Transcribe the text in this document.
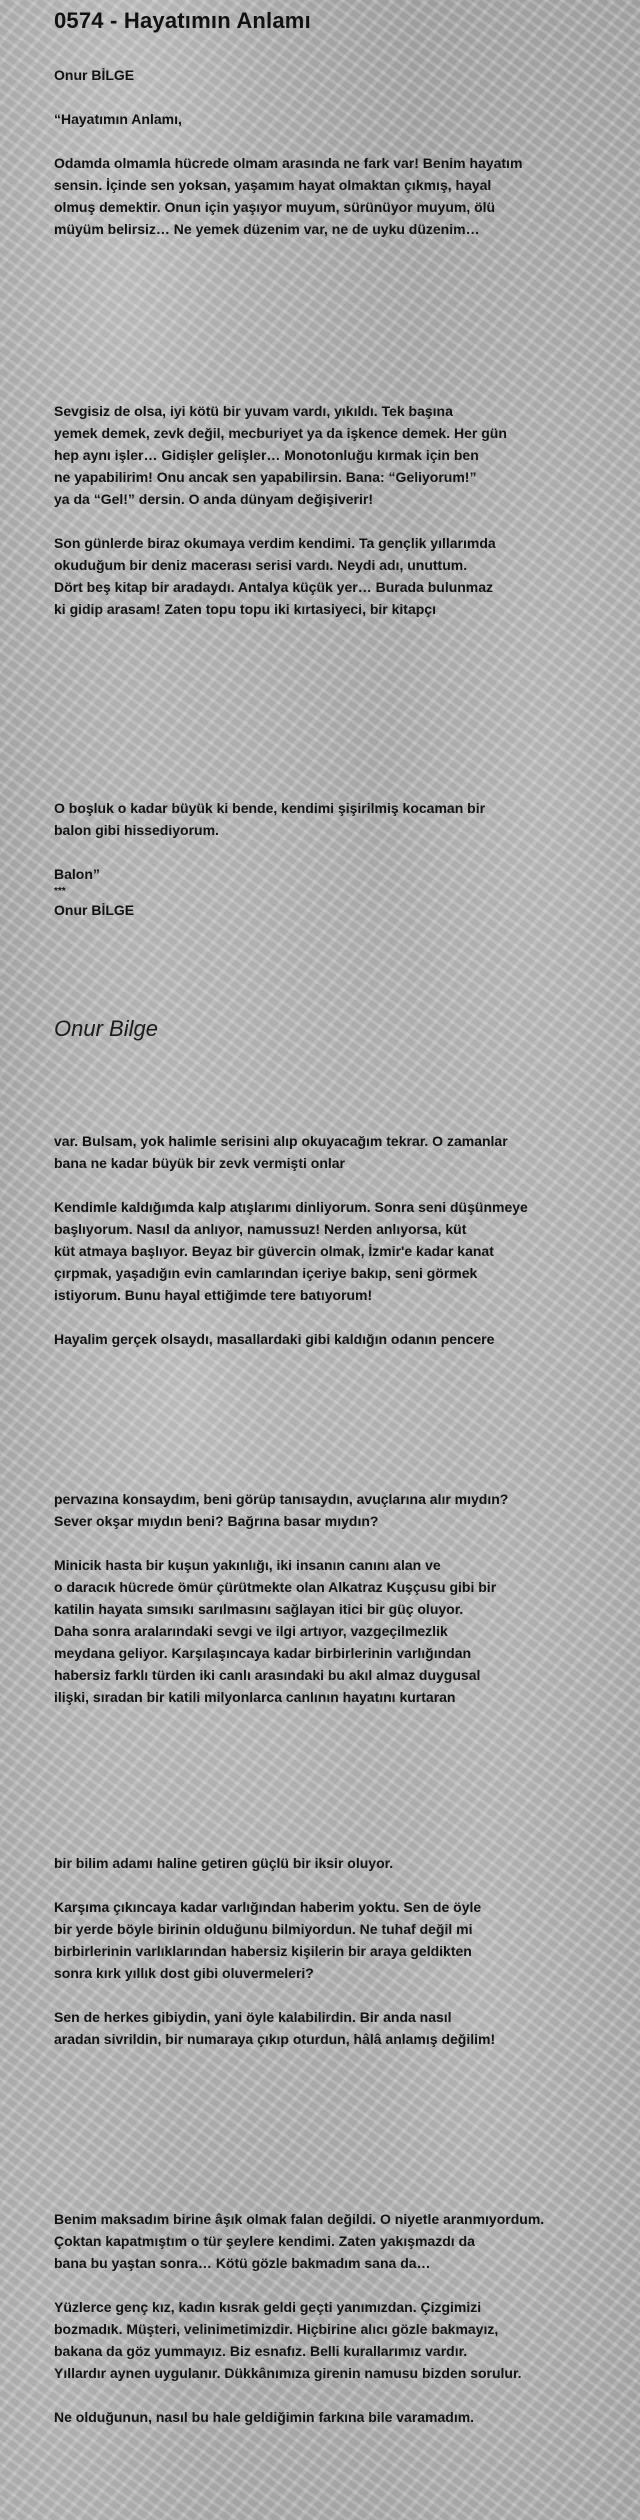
0574 - Hayatımın Anlamı
Onur BİLGE
“Hayatımın Anlamı,
Odamda olmamla hücrede olmam arasında ne fark var! Benim hayatım
sensin. İçinde sen yoksan, yaşamım hayat olmaktan çıkmış, hayal
olmuş demektir. Onun için yaşıyor muyum, sürünüyor muyum, ölü
müyüm belirsiz… Ne yemek düzenim var, ne de uyku düzenim…
Sevgisiz de olsa, iyi kötü bir yuvam vardı, yıkıldı. Tek başına
yemek demek, zevk değil, mecburiyet ya da işkence demek. Her gün
hep aynı işler… Gidişler gelişler… Monotonluğu kırmak için ben
ne yapabilirim! Onu ancak sen yapabilirsin. Bana: “Geliyorum!”
ya da “Gel!” dersin. O anda dünyam değişiverir!
Son günlerde biraz okumaya verdim kendimi. Ta gençlik yıllarımda
okuduğum bir deniz macerası serisi vardı. Neydi adı, unuttum.
Dört beş kitap bir aradaydı. Antalya küçük yer… Burada bulunmaz
ki gidip arasam! Zaten topu topu iki kırtasiyeci, bir kitapçı
O boşluk o kadar büyük ki bende, kendimi şişirilmiş kocaman bir
balon gibi hissediyorum.
Balon”
***
Onur BİLGE
Onur Bilge
var. Bulsam, yok halimle serisini alıp okuyacağım tekrar. O zamanlar
bana ne kadar büyük bir zevk vermişti onlar
Kendimle kaldığımda kalp atışlarımı dinliyorum. Sonra seni düşünmeye
başlıyorum. Nasıl da anlıyor, namussuz! Nerden anlıyorsa, küt
küt atmaya başlıyor. Beyaz bir güvercin olmak, İzmir'e kadar kanat
çırpmak, yaşadığın evin camlarından içeriye bakıp, seni görmek
istiyorum. Bunu hayal ettiğimde tere batıyorum!
Hayalim gerçek olsaydı, masallardaki gibi kaldığın odanın pencere
pervazına konsaydım, beni görüp tanısaydın, avuçlarına alır mıydın?
Sever okşar mıydın beni? Bağrına basar mıydın?
Minicik hasta bir kuşun yakınlığı, iki insanın canını alan ve
o daracık hücrede ömür çürütmekte olan Alkatraz Kuşçusu gibi bir
katilin hayata sımsıkı sarılmasını sağlayan itici bir güç oluyor.
Daha sonra aralarındaki sevgi ve ilgi artıyor, vazgeçilmezlik
meydana geliyor. Karşılaşıncaya kadar birbirlerinin varlığından
habersiz farklı türden iki canlı arasındaki bu akıl almaz duygusal
ilişki, sıradan bir katili milyonlarca canlının hayatını kurtaran
bir bilim adamı haline getiren güçlü bir iksir oluyor.
Karşıma çıkıncaya kadar varlığından haberim yoktu. Sen de öyle
bir yerde böyle birinin olduğunu bilmiyordun. Ne tuhaf değil mi
birbirlerinin varlıklarından habersiz kişilerin bir araya geldikten
sonra kırk yıllık dost gibi oluvermeleri?
Sen de herkes gibiydin, yani öyle kalabilirdin. Bir anda nasıl
aradan sivrildin, bir numaraya çıkıp oturdun, hâlâ anlamış değilim!
Benim maksadım birine âşık olmak falan değildi. O niyetle aranmıyordum.
Çoktan kapatmıştım o tür şeylere kendimi. Zaten yakışmazdı da
bana bu yaştan sonra… Kötü gözle bakmadım sana da…
Yüzlerce genç kız, kadın kısrak geldi geçti yanımızdan. Çizgimizi
bozmadık. Müşteri, velinimetimizdir. Hiçbirine alıcı gözle bakmayız,
bakana da göz yummayız. Biz esnafız. Belli kurallarımız vardır.
Yıllardır aynen uygulanır. Dükkânımıza girenin namusu bizden sorulur.
Ne olduğunun, nasıl bu hale geldiğimin farkına bile varamadım.
